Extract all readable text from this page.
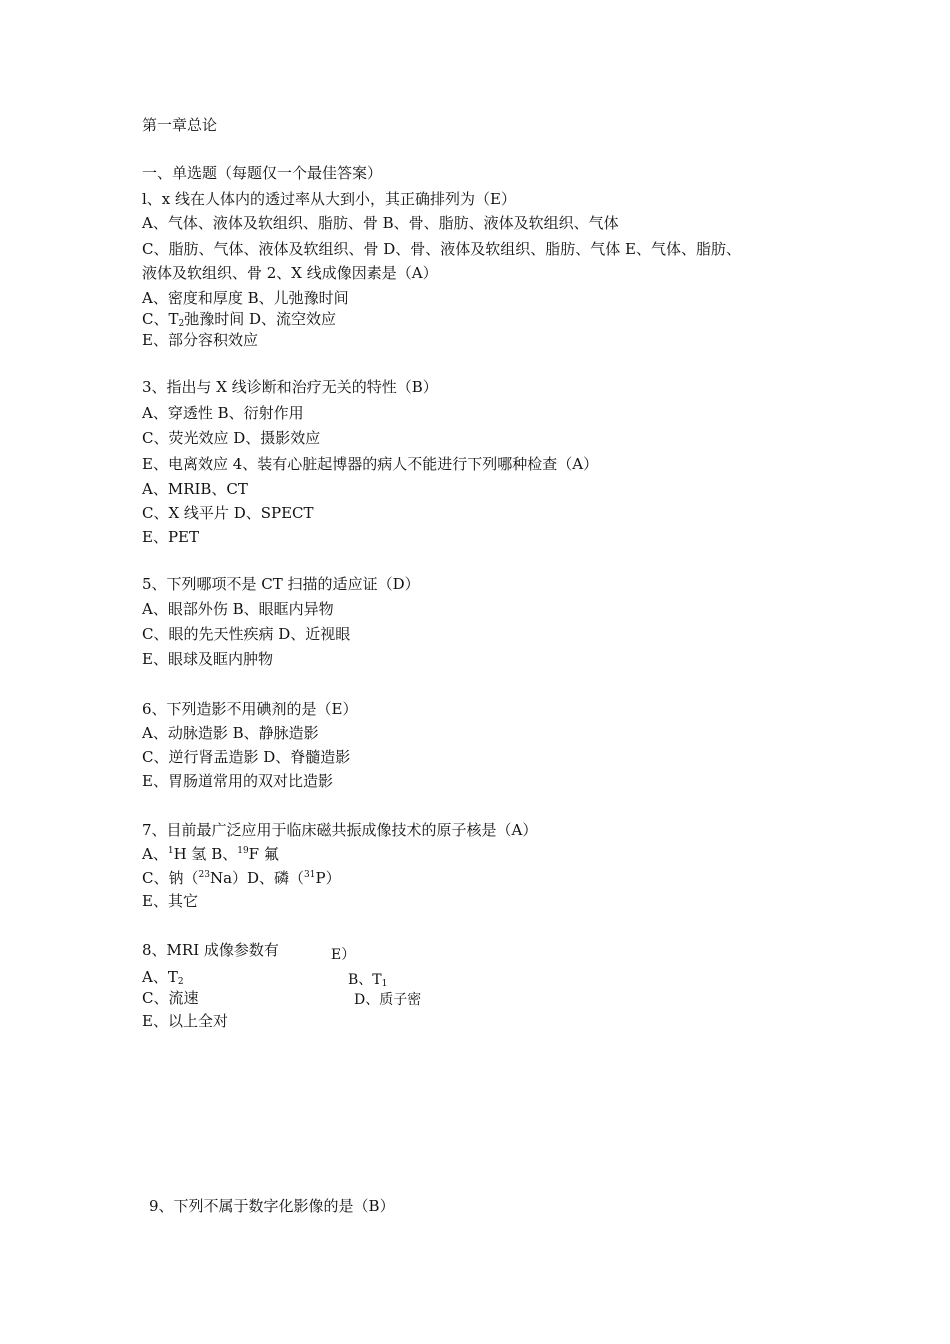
第一章总论
一、单选题（每题仅一个最佳答案）
l、x 线在人体内的透过率从大到小，其正确排列为（E）
A、气体、液体及软组织、脂肪、骨 B、骨、脂肪、液体及软组织、气体
C、脂肪、气体、液体及软组织、骨 D、骨、液体及软组织、脂肪、气体 E、气体、脂肪、
液体及软组织、骨 2、X 线成像因素是（A）
A、密度和厚度 B、儿弛豫时间
C、$T_2$弛豫时间 D、流空效应
E、部分容积效应
3、指出与 X 线诊断和治疗无关的特性（B）
A、穿透性 B、衍射作用
C、荧光效应 D、摄影效应
E、电离效应 4、装有心脏起博器的病人不能进行下列哪种检查（A）
A、MRIB、CT
C、X 线平片 D、SPECT
E、PET
5、下列哪项不是 CT 扫描的适应证（D）
A、眼部外伤 B、眼眶内异物
C、眼的先天性疾病 D、近视眼
E、眼球及眶内肿物
6、下列造影不用碘剂的是（E）
A、动脉造影 B、静脉造影
C、逆行肾盂造影 D、脊髓造影
E、胃肠道常用的双对比造影
7、目前最广泛应用于临床磁共振成像技术的原子核是（A）
A、$^1$H 氢 B、$^{19}$F 氟
C、钠（$^{23}$Na）D、磷（$^{31}$P）
E、其它
8、MRI 成像参数有	E）
A、$T_2$	B、$T_1$
C、流速	D、质子密
E、以上全对
9、下列不属于数字化影像的是（B）
